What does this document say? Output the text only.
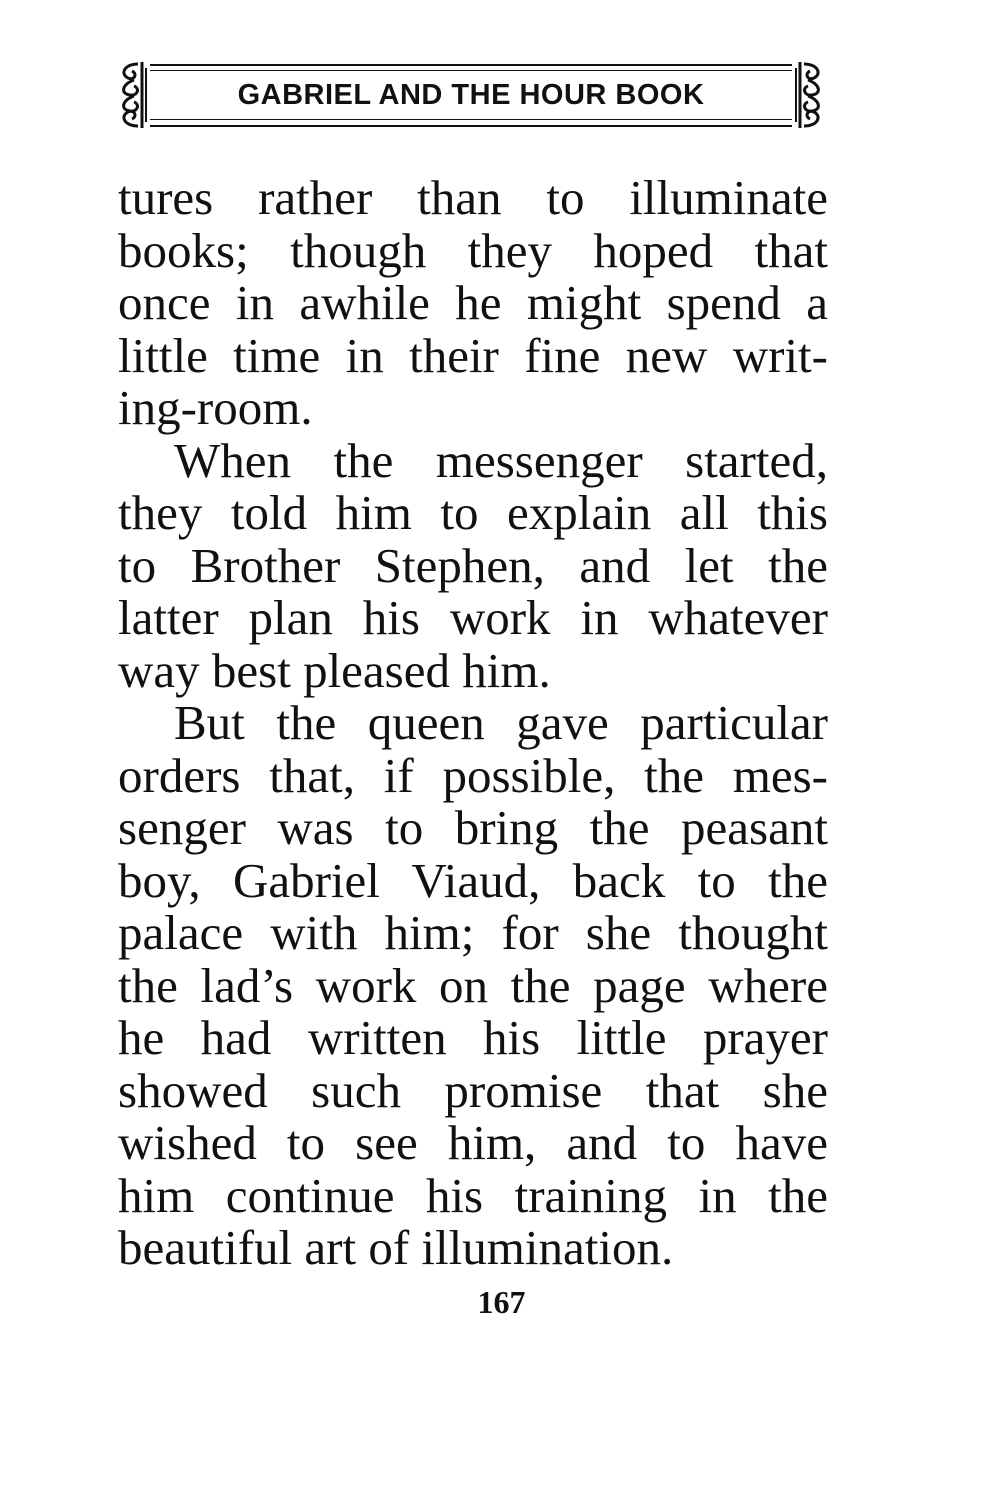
GABRIEL AND THE HOUR BOOK
tures rather than to illuminate
books; though they hoped that
once in awhile he might spend a
little time in their fine new writ-
ing-room.
When the messenger started,
they told him to explain all this
to Brother Stephen, and let the
latter plan his work in whatever
way best pleased him.
But the queen gave particular
orders that, if possible, the mes-
senger was to bring the peasant
boy, Gabriel Viaud, back to the
palace with him; for she thought
the lad’s work on the page where
he had written his little prayer
showed such promise that she
wished to see him, and to have
him continue his training in the
beautiful art of illumination.
167
